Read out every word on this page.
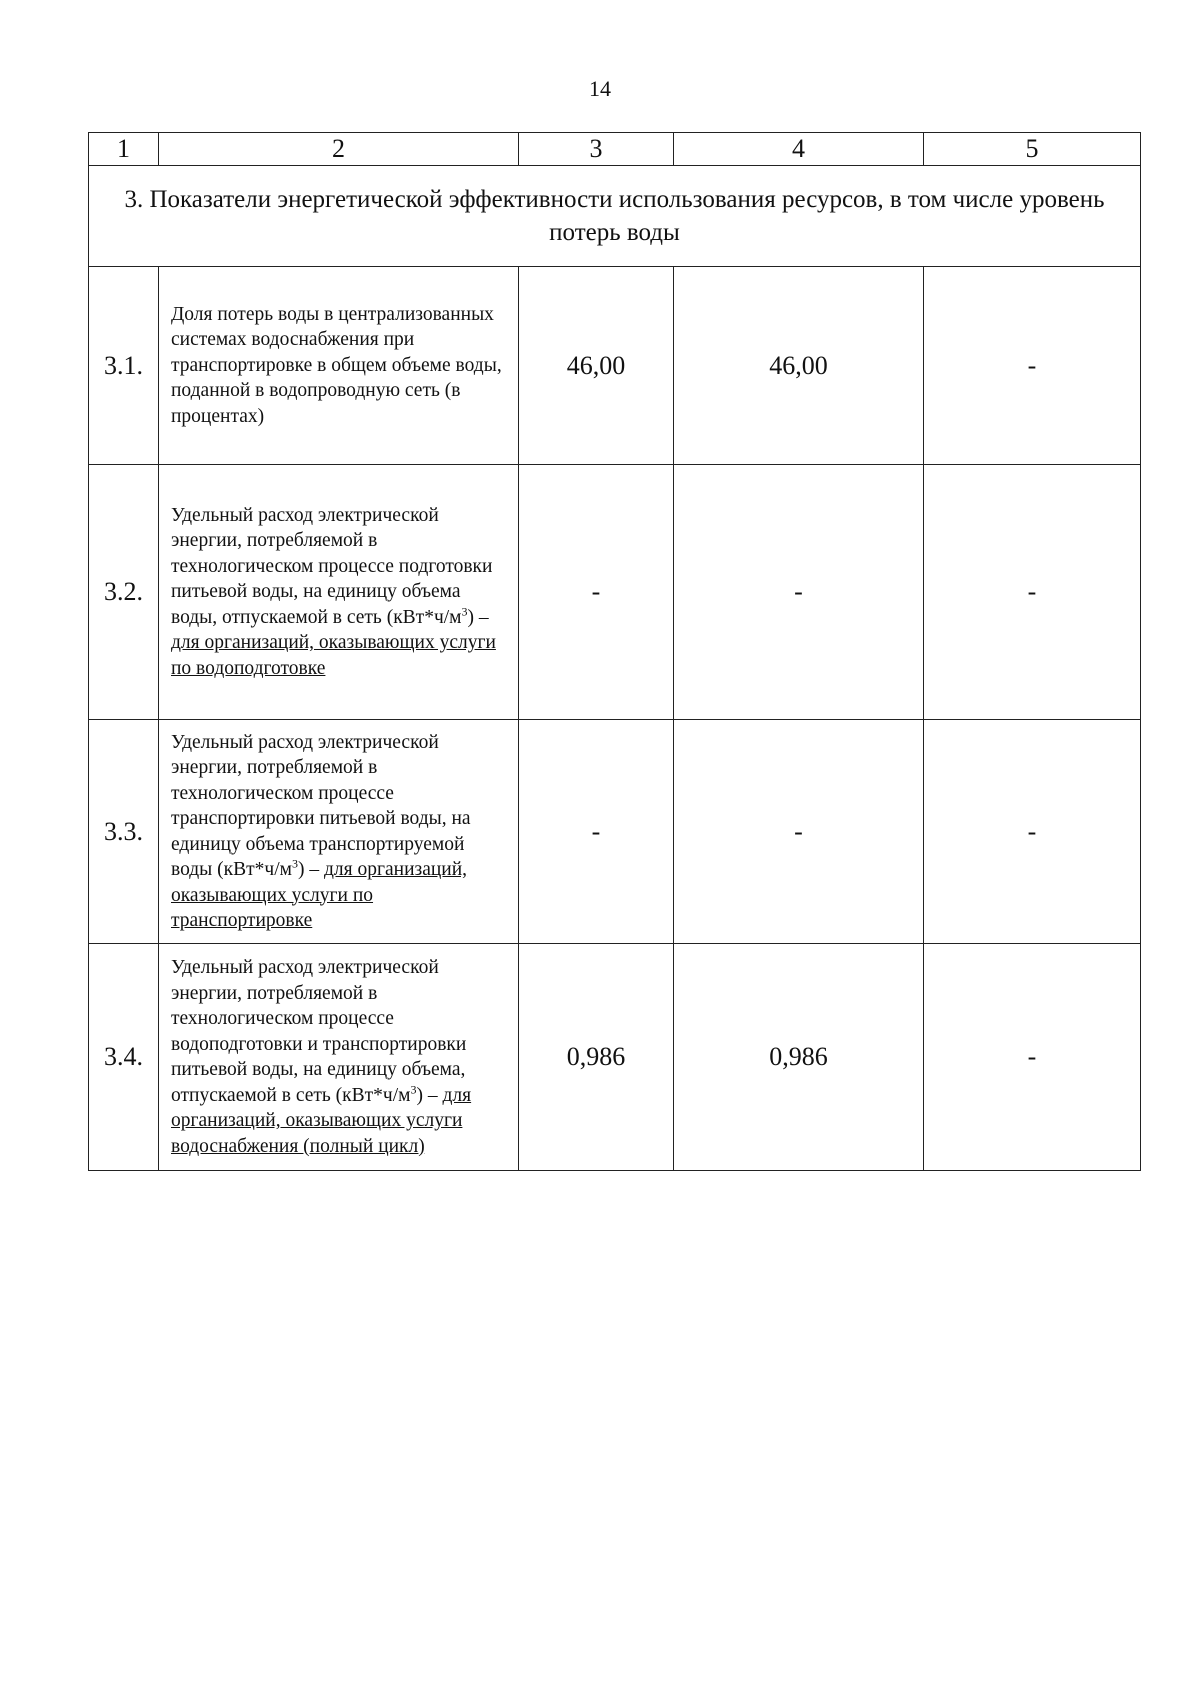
14
1	2	3	4	5
3. Показатели энергетической эффективности использования ресурсов, в том числе уровень потерь воды				
3.1.	Доля потерь воды в централизованных системах водоснабжения при транспортировке в общем объеме воды, поданной в водопроводную сеть (в процентах)	46,00	46,00	-
3.2.	Удельный расход электрической энергии, потребляемой в технологическом процессе подготовки питьевой воды, на единицу объема воды, отпускаемой в сеть $(кВт*ч/м^3)$ – для организаций, оказывающих услуги по водоподготовке	-	-	-
3.3.	Удельный расход электрической энергии, потребляемой в технологическом процессе транспортировки питьевой воды, на единицу объема транспортируемой воды $(кВт*ч/м^3)$ – для организаций, оказывающих услуги по транспортировке	-	-	-
3.4.	Удельный расход электрической энергии, потребляемой в технологическом процессе водоподготовки и транспортировки питьевой воды, на единицу объема, отпускаемой в сеть $(кВт*ч/м^3)$ – для организаций, оказывающих услуги водоснабжения (полный цикл)	0,986	0,986	-
